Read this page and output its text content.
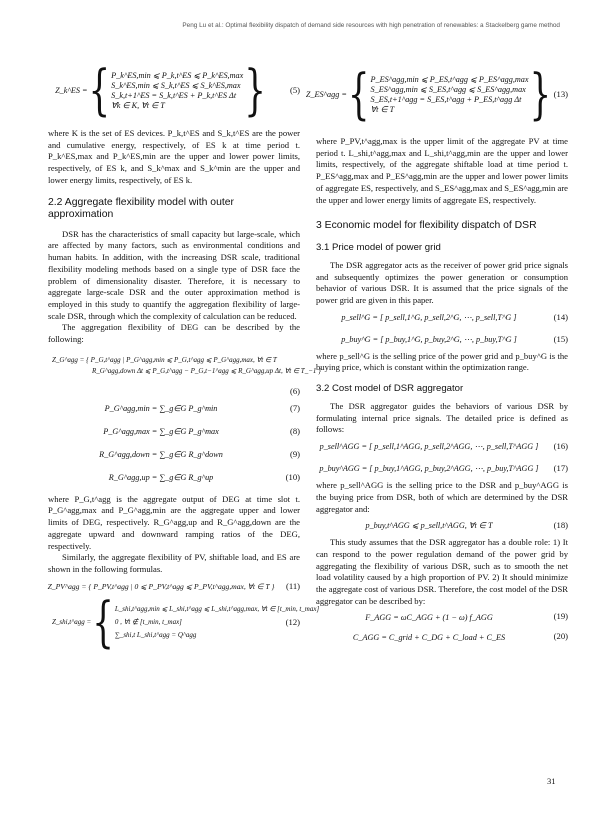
Peng Lu et al.: Optimal flexibility dispatch of demand side resources with high penetration of renewables: a Stackelberg game method
Z_k^ES = { P_k^ES,min ⩽ P_k,t^ES ⩽ P_k^ES,max
S_k^ES,min ⩽ S_k,t^ES ⩽ S_k^ES,max
S_k,t+1^ES = S_k,t^ES + P_k,t^ES Δt
∀k ∈ K, ∀t ∈ T	}	(5)

where K is the set of ES devices. P_k,t^ES and S_k,t^ES are the power and cumulative energy, respectively, of ES k at time period t. P_k^ES,max and P_k^ES,min are the upper and lower power limits, respectively, of ES k, and S_k^max and S_k^min are the upper and lower energy limits, respectively, of ES k.

2.2 Aggregate flexibility model with outer approximation

DSR has the characteristics of small capacity but large-scale, which are affected by many factors, such as environmental conditions and human habits. In addition, with the increasing DSR scale, traditional flexibility modeling methods based on a single type of DSR face the problem of dimensionality disaster. Therefore, it is necessary to aggregate large-scale DSR and the outer approximation method is employed in this study to quantify the aggregation flexibility of large-scale DSR, through which the complexity of calculation can be reduced.

The aggregation flexibility of DEG can be described by the following:

Z_G^agg = { P_G,t^agg | P_G^agg,min ⩽ P_G,t^agg ⩽ P_G^agg,max, ∀t ∈ T
R_G^agg,down Δt ⩽ P_G,t^agg − P_G,t−1^agg ⩽ R_G^agg,up Δt, ∀t ∈ T_−1 }
(6)
P_G^agg,min = ∑_g∈G P_g^min	(7)
P_G^agg,max = ∑_g∈G P_g^max	(8)
R_G^agg,down = ∑_g∈G R_g^down	(9)
R_G^agg,up = ∑_g∈G R_g^up	(10)

where P_G,t^agg is the aggregate output of DEG at time slot t. P_G^agg,max and P_G^agg,min are the aggregate upper and lower limits of DEG, respectively. R_G^agg,up and R_G^agg,down are the aggregate upward and downward ramping ratios of the DEG, respectively.

Similarly, the aggregate flexibility of PV, shiftable load, and ES are shown in the following formulas.

Z_PV^agg = { P_PV,t^agg | 0 ⩽ P_PV,t^agg ⩽ P_PV,t^agg,max, ∀t ∈ T } (11)
Z_shi,t^agg = { L_shi,t^agg,min ⩽ L_shi,t^agg ⩽ L_shi,t^agg,max, ∀t ∈ [t_min, t_max]
0 , ∀t ∉ [t_min, t_max]
∑_shi,t L_shi,t^agg = Q^agg
(12)
Z_ES^agg = { P_ES^agg,min ⩽ P_ES,t^agg ⩽ P_ES^agg,max
S_ES^agg,min ⩽ S_ES,t^agg ⩽ S_ES^agg,max
S_ES,t+1^agg = S_ES,t^agg + P_ES,t^agg Δt
∀t ∈ T	} (13)

where P_PV,t^agg,max is the upper limit of the aggregate PV at time period t. L_shi,t^agg,max and L_shi,t^agg,min are the upper and lower limits, respectively, of the aggregate shiftable load at time period t. P_ES^agg,max and P_ES^agg,min are the upper and lower power limits of aggregate ES, respectively, and S_ES^agg,max and S_ES^agg,min are the upper and lower energy limits of aggregate ES, respectively.

3 Economic model for flexibility dispatch of DSR
3.1 Price model of power grid

The DSR aggregator acts as the receiver of power grid price signals and subsequently optimizes the power generation or consumption behavior of various DSR. It is assumed that the price signals of the power grid are given in this paper.

p_sell^G = [ p_sell,1^G, p_sell,2^G, ⋯, p_sell,T^G ]	(14)
p_buy^G = [ p_buy,1^G, p_buy,2^G, ⋯, p_buy,T^G ]	(15)

where p_sell^G is the selling price of the power grid and p_buy^G is the buying price, which is constant within the optimization range.

3.2 Cost model of DSR aggregator

The DSR aggregator guides the behaviors of various DSR by formulating internal price signals. The detailed price is defined as follows:

p_sell^AGG = [ p_sell,1^AGG, p_sell,2^AGG, ⋯, p_sell,T^AGG ] (16)
p_buy^AGG = [ p_buy,1^AGG, p_buy,2^AGG, ⋯, p_buy,T^AGG ] (17)

where p_sell^AGG is the selling price to the DSR and p_buy^AGG is the buying price from DSR, both of which are determined by the DSR aggregator and:

p_buy,t^AGG ⩽ p_sell,t^AGG, ∀t ∈ T	(18)

This study assumes that the DSR aggregator has a double role: 1) It can respond to the power regulation demand of the power grid by aggregating the flexibility of various DSR, such as to smooth the net load volatility caused by a high proportion of PV. 2) It should minimize the aggregate cost of various DSR. Therefore, the cost model of the DSR aggregator can be described by:

F_AGG = ωC_AGG + (1 − ω) f_AGG	(19)
C_AGG = C_grid + C_DG + C_load + C_ES	(20)
31
